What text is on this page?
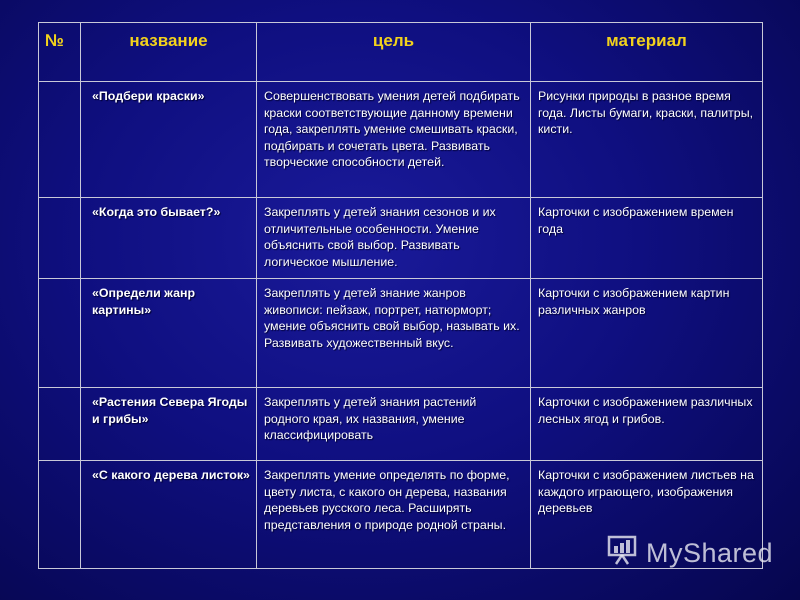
№	название	цель	материал

	«Подбери краски»	Совершенствовать умения детей подбирать краски соответствующие данному времени года, закреплять умение смешивать краски, подбирать и сочетать цвета. Развивать творческие способности детей.	Рисунки природы в разное время года. Листы бумаги, краски, палитры, кисти.

	«Когда это бывает?»	Закреплять у детей знания сезонов и их отличительные особенности. Умение объяснить свой выбор. Развивать логическое мышление.	Карточки с изображением времен года

	«Определи жанр картины»	Закреплять у детей знание жанров живописи: пейзаж, портрет, натюрморт; умение объяснить свой выбор, называть их. Развивать художественный вкус.	Карточки с изображением картин различных жанров

	«Растения Севера Ягоды и грибы»	Закреплять у детей знания растений родного края, их названия, умение классифицировать	Карточки с изображением различных лесных ягод и грибов.

	«С какого дерева листок»	Закреплять умение определять по форме, цвету листа, с какого он дерева, названия деревьев русского леса. Расширять представления о природе родной страны.	Карточки с изображением листьев на каждого играющего, изображения деревьев
MyShared
